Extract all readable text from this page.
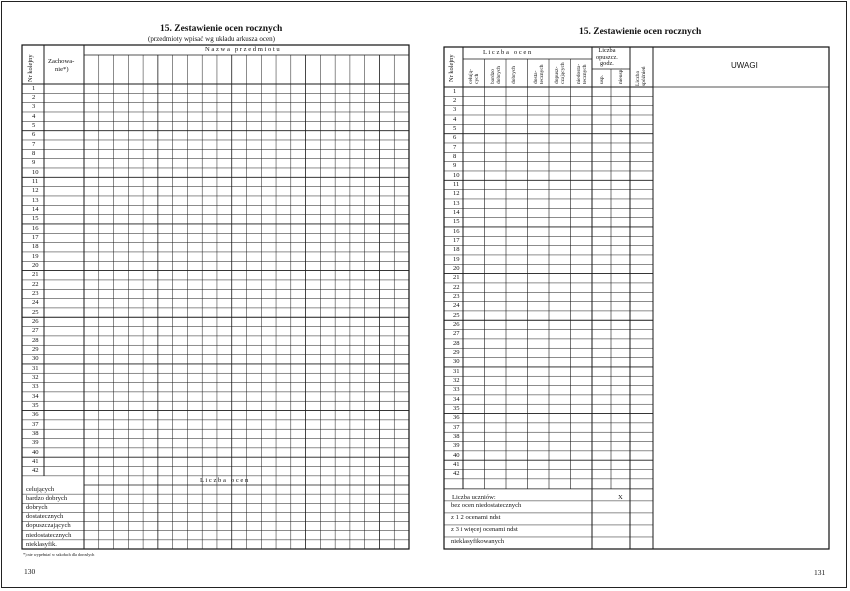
15. Zestawienie ocen rocznych
(przedmioty wpisać wg układu arkusza ocen)
Nr kolejny Zachowa-
nie*)
N a z w a   p r z e d m i o t u
L i c z b a   o c e n
celujących
bardzo dobrych
dobrych
dostatecznych
dopuszczających
niedostatecznych
nieklasyfik.
1
2
3
4
5
6
7
8
9
10
11
12
13
14
15
16
17
18
19
20
21
22
23
24
25
26
27
28
29
30
31
32
33
34
35
36
37
38
39
40
41
42
*) nie wypełniać w szkołach dla dorosłych
130
15. Zestawienie ocen rocznych
Nr kolejny
L i c z b a   o c e n
celują-
cych bardzo
dobrych dobrych	dosta-
tecznych dopusz-
czających niedosta-
tecznych
Liczba
opuszcz.
godz.
usp. nieusp. Liczba
spóźnień
UWAGI
1
2
3
4
5
6
7
8
9
10
11
12
13
14
15
16
17
18
19
20
21
22
23
24
25
26
27
28
29
30
31
32
33
34
35
36
37
38
39
40
41
42
Liczba uczniów:	X
bez ocen niedostatecznych
z 1 2 ocenami ndst
z 3 i więcej ocenami ndst
nieklasyfikowanych
131
